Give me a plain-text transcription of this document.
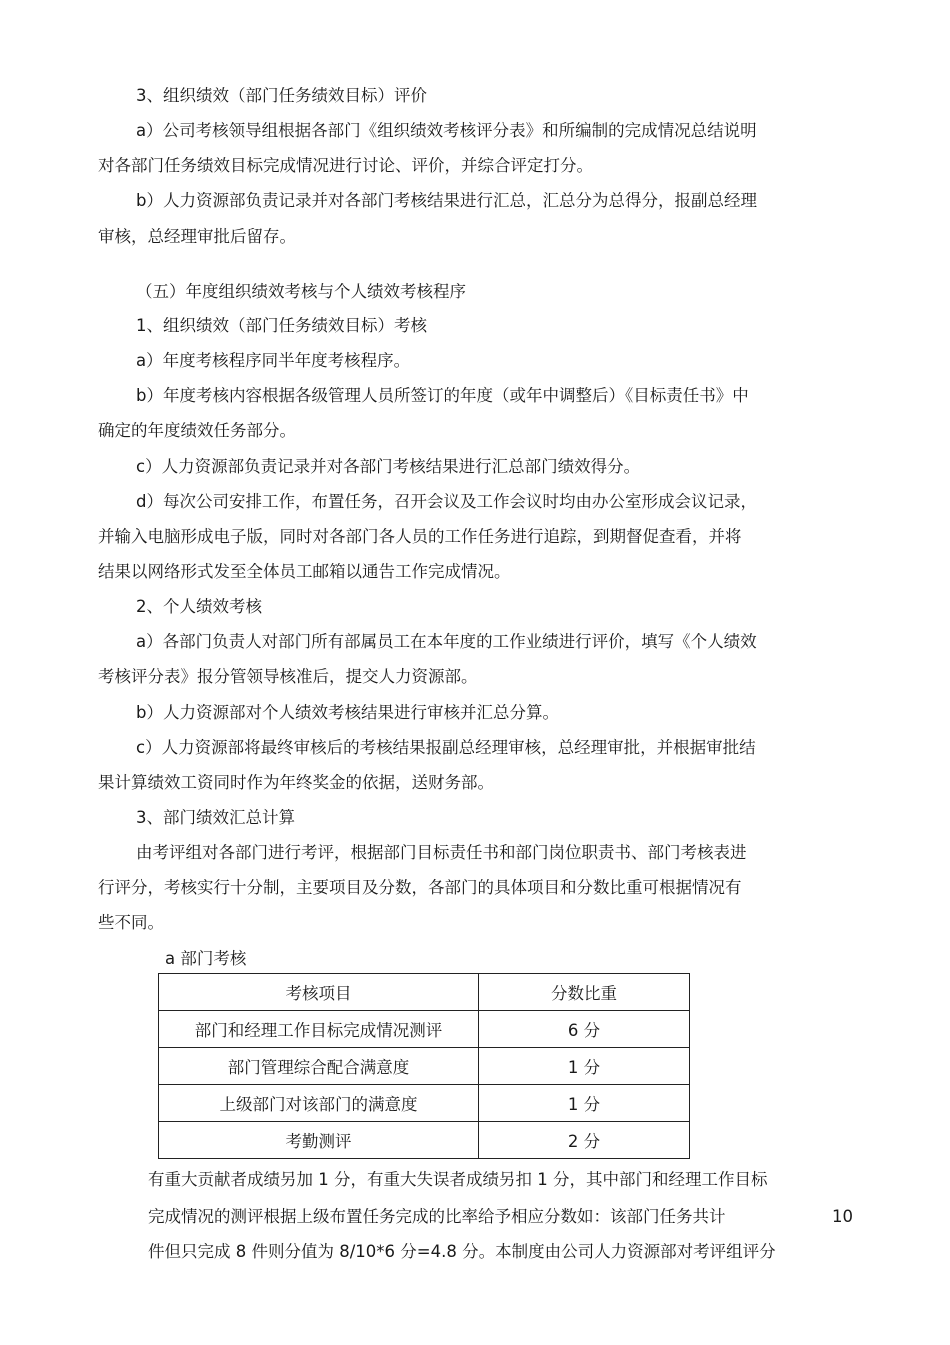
3、组织绩效（部门任务绩效目标）评价
a）公司考核领导组根据各部门《组织绩效考核评分表》和所编制的完成情况总结说明
对各部门任务绩效目标完成情况进行讨论、评价，并综合评定打分。
b）人力资源部负责记录并对各部门考核结果进行汇总，汇总分为总得分，报副总经理
审核，总经理审批后留存。
（五）年度组织绩效考核与个人绩效考核程序
1、组织绩效（部门任务绩效目标）考核
a）年度考核程序同半年度考核程序。
b）年度考核内容根据各级管理人员所签订的年度（或年中调整后）《目标责任书》中
确定的年度绩效任务部分。
c）人力资源部负责记录并对各部门考核结果进行汇总部门绩效得分。
d）每次公司安排工作，布置任务，召开会议及工作会议时均由办公室形成会议记录，
并输入电脑形成电子版，同时对各部门各人员的工作任务进行追踪，到期督促查看，并将
结果以网络形式发至全体员工邮箱以通告工作完成情况。
2、个人绩效考核
a）各部门负责人对部门所有部属员工在本年度的工作业绩进行评价，填写《个人绩效
考核评分表》报分管领导核准后，提交人力资源部。
b）人力资源部对个人绩效考核结果进行审核并汇总分算。
c）人力资源部将最终审核后的考核结果报副总经理审核，总经理审批，并根据审批结
果计算绩效工资同时作为年终奖金的依据，送财务部。
3、部门绩效汇总计算
由考评组对各部门进行考评，根据部门目标责任书和部门岗位职责书、部门考核表进
行评分，考核实行十分制，主要项目及分数，各部门的具体项目和分数比重可根据情况有
些不同。
a 部门考核
考核项目	分数比重
部门和经理工作目标完成情况测评	6 分
部门管理综合配合满意度	1 分
上级部门对该部门的满意度	1 分
考勤测评	2 分
有重大贡献者成绩另加 1 分，有重大失误者成绩另扣 1 分，其中部门和经理工作目标
完成情况的测评根据上级布置任务完成的比率给予相应分数如：该部门任务共计	10
件但只完成 8 件则分值为 8/10*6 分=4.8 分。本制度由公司人力资源部对考评组评分
